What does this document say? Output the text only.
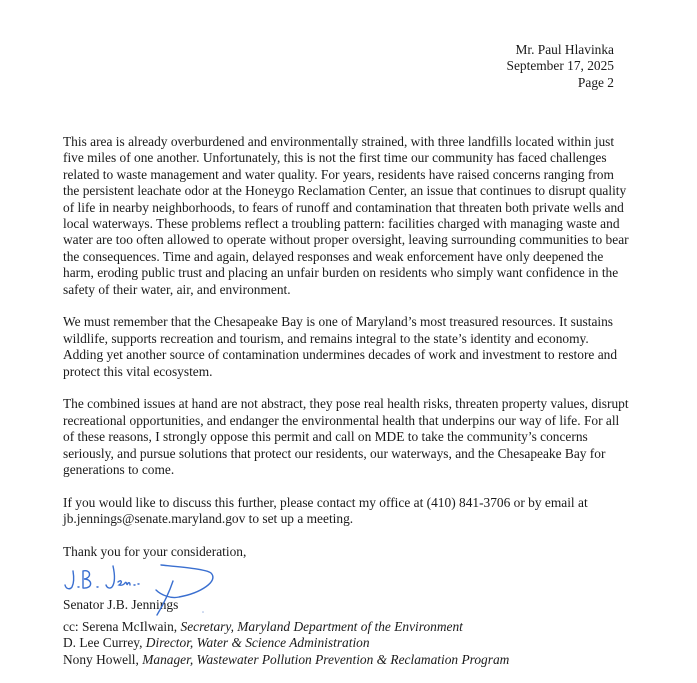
Mr. Paul Hlavinka
September 17, 2025
Page 2

This area is already overburdened and environmentally strained, with three landfills located within just
five miles of one another. Unfortunately, this is not the first time our community has faced challenges
related to waste management and water quality. For years, residents have raised concerns ranging from
the persistent leachate odor at the Honeygo Reclamation Center, an issue that continues to disrupt quality
of life in nearby neighborhoods, to fears of runoff and contamination that threaten both private wells and
local waterways. These problems reflect a troubling pattern: facilities charged with managing waste and
water are too often allowed to operate without proper oversight, leaving surrounding communities to bear
the consequences. Time and again, delayed responses and weak enforcement have only deepened the
harm, eroding public trust and placing an unfair burden on residents who simply want confidence in the
safety of their water, air, and environment.

We must remember that the Chesapeake Bay is one of Maryland’s most treasured resources. It sustains
wildlife, supports recreation and tourism, and remains integral to the state’s identity and economy.
Adding yet another source of contamination undermines decades of work and investment to restore and
protect this vital ecosystem.

The combined issues at hand are not abstract, they pose real health risks, threaten property values, disrupt
recreational opportunities, and endanger the environmental health that underpins our way of life. For all
of these reasons, I strongly oppose this permit and call on MDE to take the community’s concerns
seriously, and pursue solutions that protect our residents, our waterways, and the Chesapeake Bay for
generations to come.

If you would like to discuss this further, please contact my office at (410) 841-3706 or by email at
jb.jennings@senate.maryland.gov to set up a meeting.

Thank you for your consideration,

Senator J.B. Jennings

cc: Serena McIlwain, Secretary, Maryland Department of the Environment
D. Lee Currey, Director, Water & Science Administration
Nony Howell, Manager, Wastewater Pollution Prevention & Reclamation Program
